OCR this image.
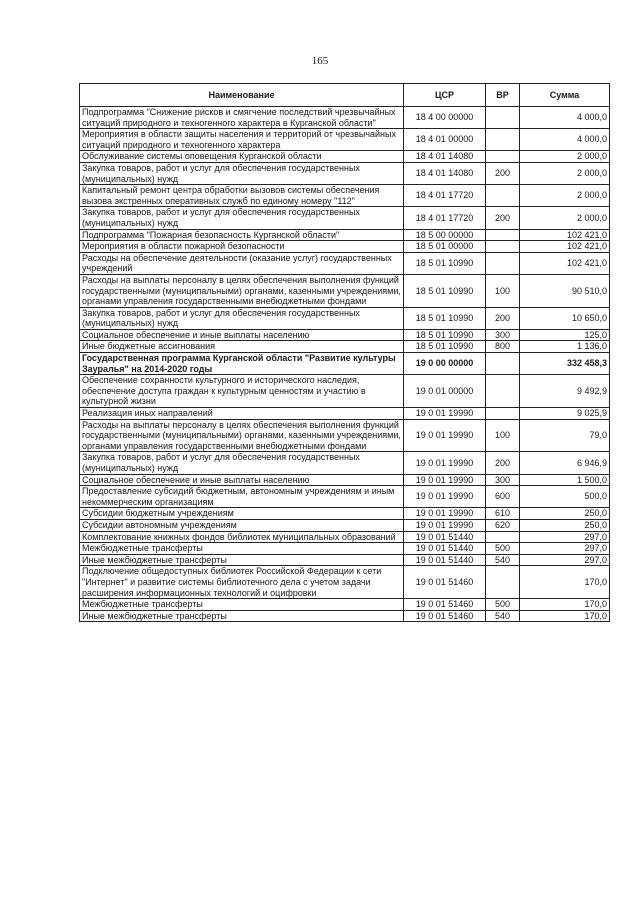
165
Наименование	ЦСР	ВР	Сумма
Подпрограмма "Снижение рисков и смягчение последствий чрезвычайных ситуаций природного и техногенного характера в Курганской области"	18 4 00 00000		4 000,0
Мероприятия в области защиты населения и территорий от чрезвычайных ситуаций природного и техногенного характера	18 4 01 00000		4 000,0
Обслуживание системы оповещения Курганской области	18 4 01 14080		2 000,0
Закупка товаров, работ и услуг для обеспечения государственных (муниципальных) нужд	18 4 01 14080	200	2 000,0
Капитальный ремонт центра обработки вызовов системы обеспечения вызова экстренных оперативных служб по единому номеру "112"	18 4 01 17720		2 000,0
Закупка товаров, работ и услуг для обеспечения государственных (муниципальных) нужд	18 4 01 17720	200	2 000,0
Подпрограмма "Пожарная безопасность Курганской области"	18 5 00 00000		102 421,0
Мероприятия в области пожарной безопасности	18 5 01 00000		102 421,0
Расходы на обеспечение деятельности (оказание услуг) государственных учреждений	18 5 01 10990		102 421,0
Расходы на выплаты персоналу в целях обеспечения выполнения функций государственными (муниципальными) органами, казенными учреждениями, органами управления государственными внебюджетными фондами	18 5 01 10990	100	90 510,0
Закупка товаров, работ и услуг для обеспечения государственных (муниципальных) нужд	18 5 01 10990	200	10 650,0
Социальное обеспечение и иные выплаты населению	18 5 01 10990	300	125,0
Иные бюджетные ассигнования	18 5 01 10990	800	1 136,0
Государственная программа Курганской области "Развитие культуры Зауралья" на 2014-2020 годы	19 0 00 00000		332 458,3
Обеспечение сохранности культурного и исторического наследия, обеспечение доступа граждан к культурным ценностям и участию в культурной жизни	19 0 01 00000		9 492,9
Реализация иных направлений	19 0 01 19990		9 025,9
Расходы на выплаты персоналу в целях обеспечения выполнения функций государственными (муниципальными) органами, казенными учреждениями, органами управления государственными внебюджетными фондами	19 0 01 19990	100	79,0
Закупка товаров, работ и услуг для обеспечения государственных (муниципальных) нужд	19 0 01 19990	200	6 946,9
Социальное обеспечение и иные выплаты населению	19 0 01 19990	300	1 500,0
Предоставление субсидий бюджетным, автономным учреждениям и иным некоммерческим организациям	19 0 01 19990	600	500,0
Субсидии бюджетным учреждениям	19 0 01 19990	610	250,0
Субсидии автономным учреждениям	19 0 01 19990	620	250,0
Комплектование книжных фондов библиотек муниципальных образований	19 0 01 51440		297,0
Межбюджетные трансферты	19 0 01 51440	500	297,0
Иные межбюджетные трансферты	19 0 01 51440	540	297,0
Подключение общедоступных библиотек Российской Федерации к сети "Интернет" и развитие системы библиотечного дела с учетом задачи расширения информационных технологий и оцифровки	19 0 01 51460		170,0
Межбюджетные трансферты	19 0 01 51460	500	170,0
Иные межбюджетные трансферты	19 0 01 51460	540	170,0
